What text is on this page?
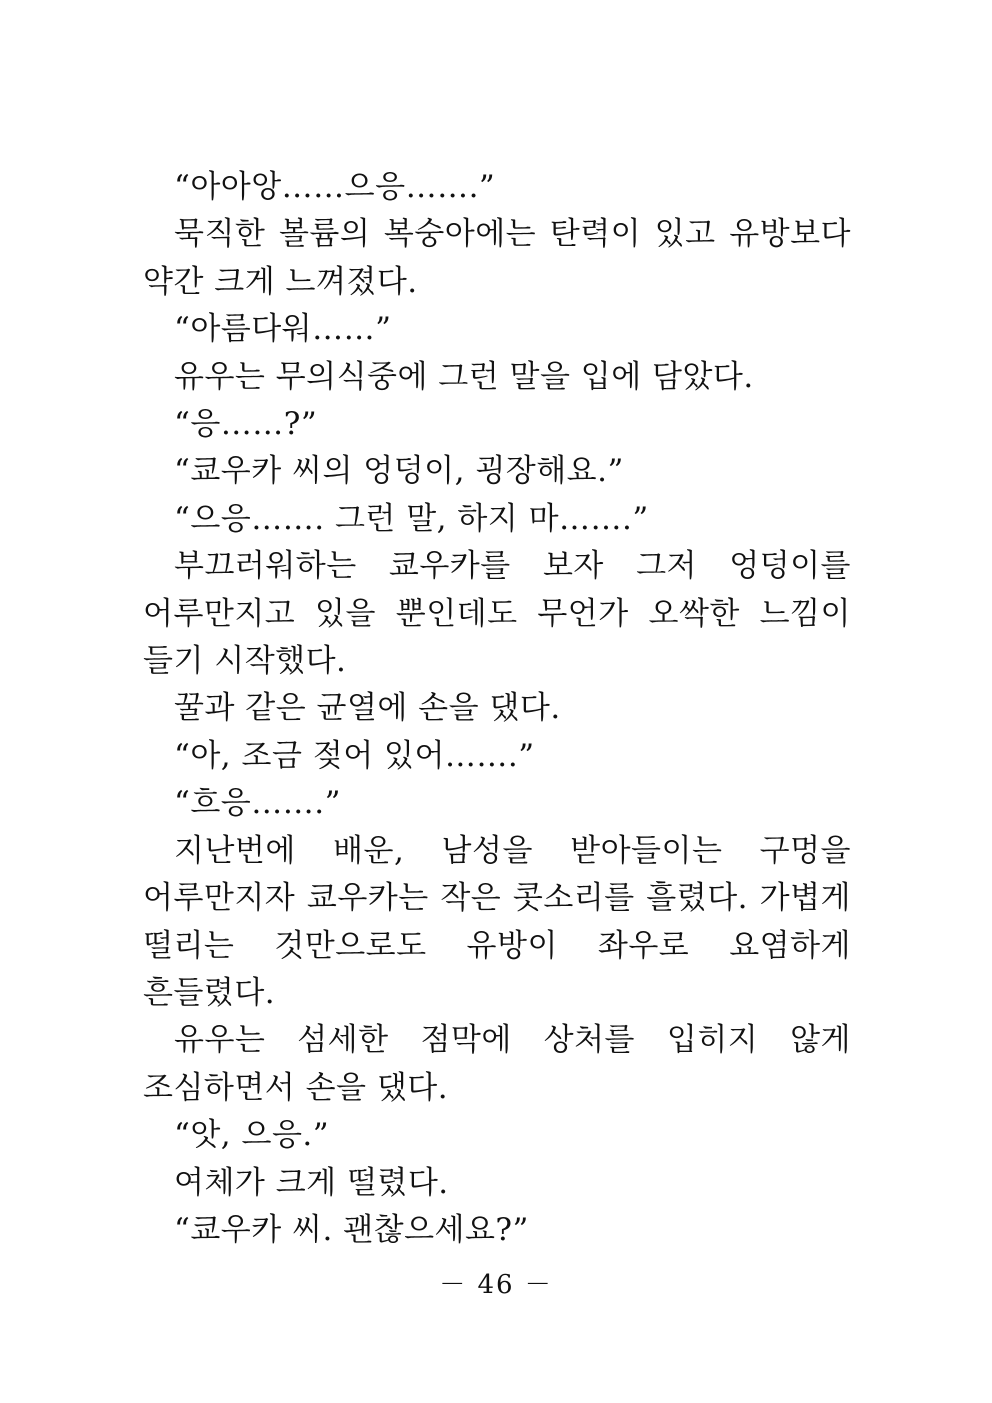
“아아앙……으응…….”

묵직한 볼륨의 복숭아에는 탄력이 있고 유방보다 약간 크게 느껴졌다.

“아름다워……”

유우는 무의식중에 그런 말을 입에 담았다.

“응……?”

“쿄우카 씨의 엉덩이, 굉장해요.”

“으응……. 그런 말, 하지 마…….”

부끄러워하는 쿄우카를 보자 그저 엉덩이를 어루만지고 있을 뿐인데도 무언가 오싹한 느낌이 들기 시작했다.

꿀과 같은 균열에 손을 댔다.

“아, 조금 젖어 있어…….”

“흐응…….”

지난번에 배운, 남성을 받아들이는 구멍을 어루만지자 쿄우카는 작은 콧소리를 흘렸다. 가볍게 떨리는 것만으로도 유방이 좌우로 요염하게 흔들렸다.

유우는 섬세한 점막에 상처를 입히지 않게 조심하면서 손을 댔다.

“앗, 으응.”

여체가 크게 떨렸다.

“쿄우카 씨. 괜찮으세요?”

－ 46 －
